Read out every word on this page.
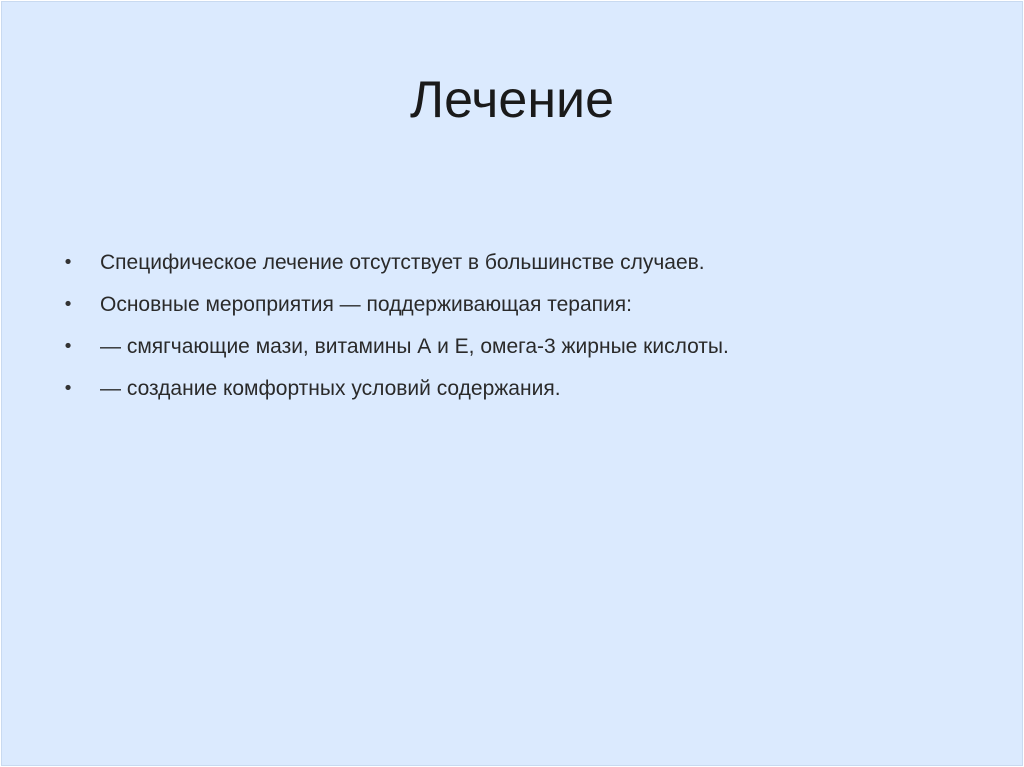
Лечение
• Специфическое лечение отсутствует в большинстве случаев.
• Основные мероприятия — поддерживающая терапия:
• — смягчающие мази, витамины А и Е, омега-3 жирные кислоты.
• — создание комфортных условий содержания.
